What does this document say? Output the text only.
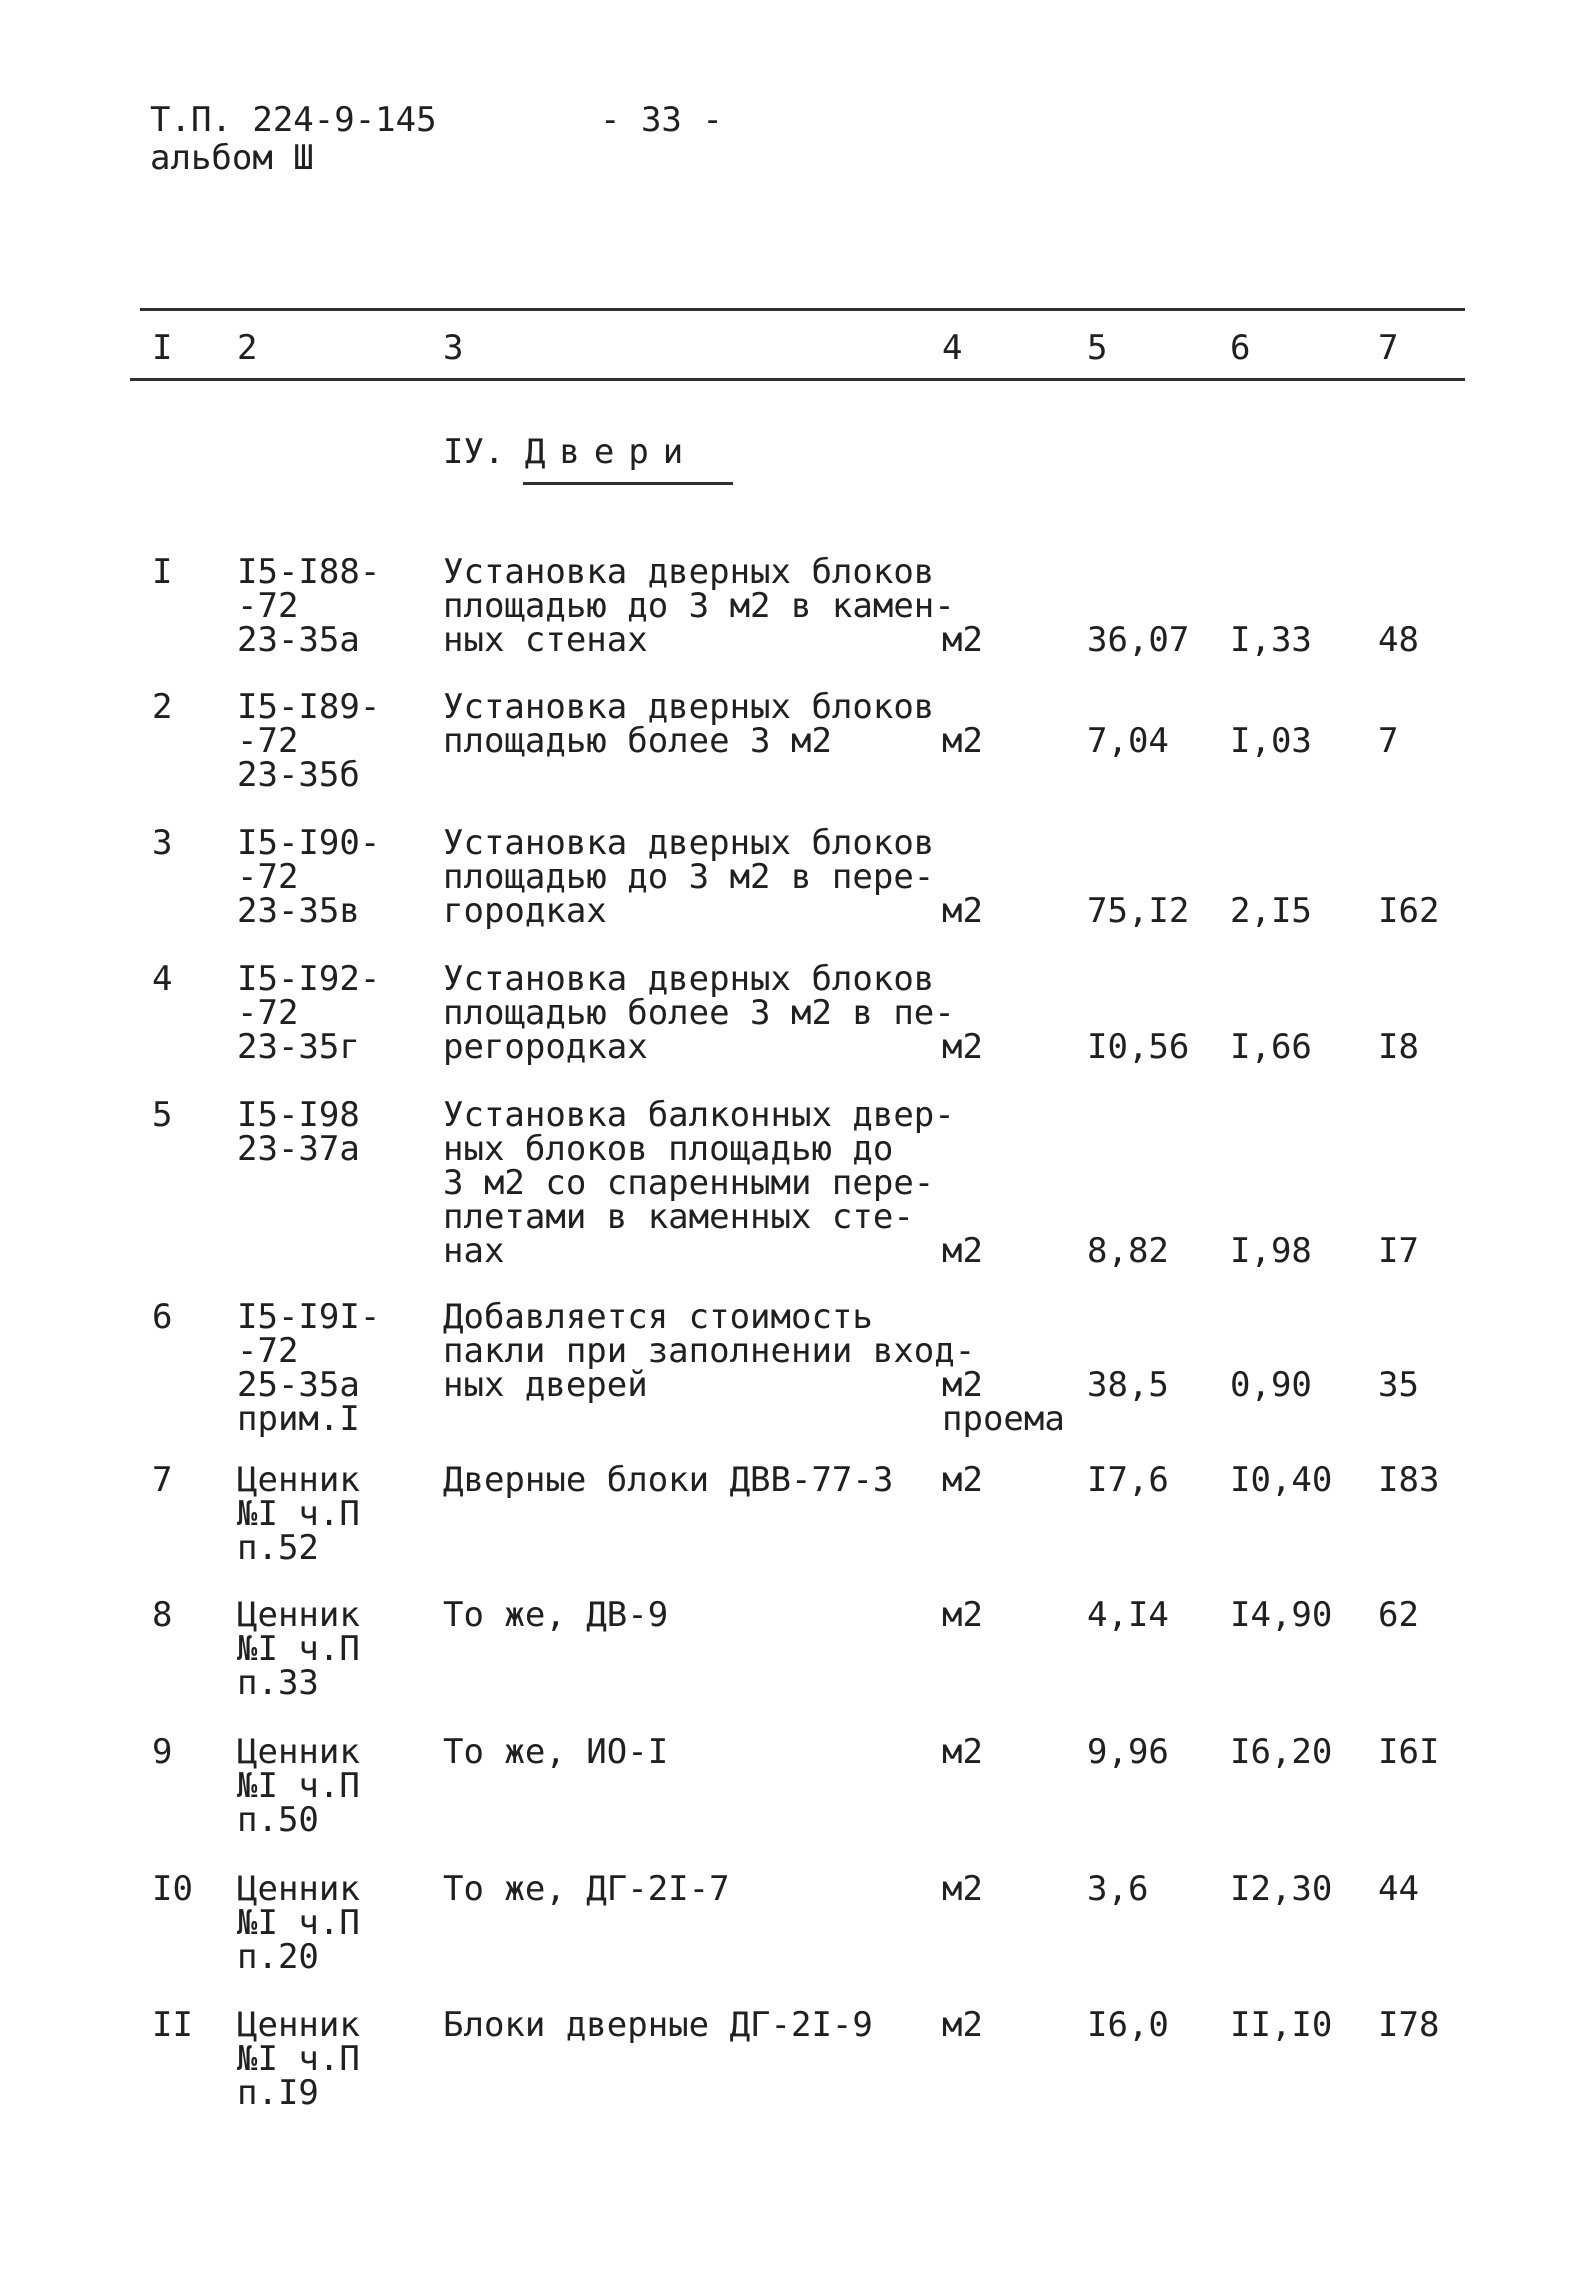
Т.П. 224-9-145
альбом Ш
- 33 -
I 2	3	4	5	6	7
IУ. Двери
I I5-I88-
-72
23-35а
Установка дверных блоков
площадью до 3 м2 в камен-
ных стенах	м2	36,07 I,33 48
2 I5-I89-
-72
23-35б
Установка дверных блоков
площадью более 3 м2	м2	7,04 I,03 7
3 I5-I90-
-72
23-35в
Установка дверных блоков
площадью до 3 м2 в пере-
городках	м2	75,I2 2,I5 I62
4 I5-I92-
-72
23-35г
Установка дверных блоков
площадью более 3 м2 в пе-
регородках	м2	I0,56 I,66 I8
5 I5-I98
23-37а
Установка балконных двер-
ных блоков площадью до
3 м2 со спаренными пере-
плетами в каменных сте-
нах	м2	8,82 I,98 I7
6 I5-I9I-
-72
25-35а
прим.I
Добавляется стоимость
пакли при заполнении вход-
ных дверей	м2
проема
38,5 0,90 35
7 Ценник
№I ч.П
п.52
Дверные блоки ДВВ-77-3 м2	I7,6 I0,40 I83
8 Ценник
№I ч.П
п.33
То же, ДВ-9	м2	4,I4 I4,90 62
9 Ценник
№I ч.П
п.50
То же, ИО-I	м2	9,96 I6,20 I6I
I0 Ценник
№I ч.П
п.20
То же, ДГ-2I-7	м2	3,6 I2,30 44
II Ценник
№I ч.П
п.I9
Блоки дверные ДГ-2I-9 м2	I6,0 II,I0 I78
